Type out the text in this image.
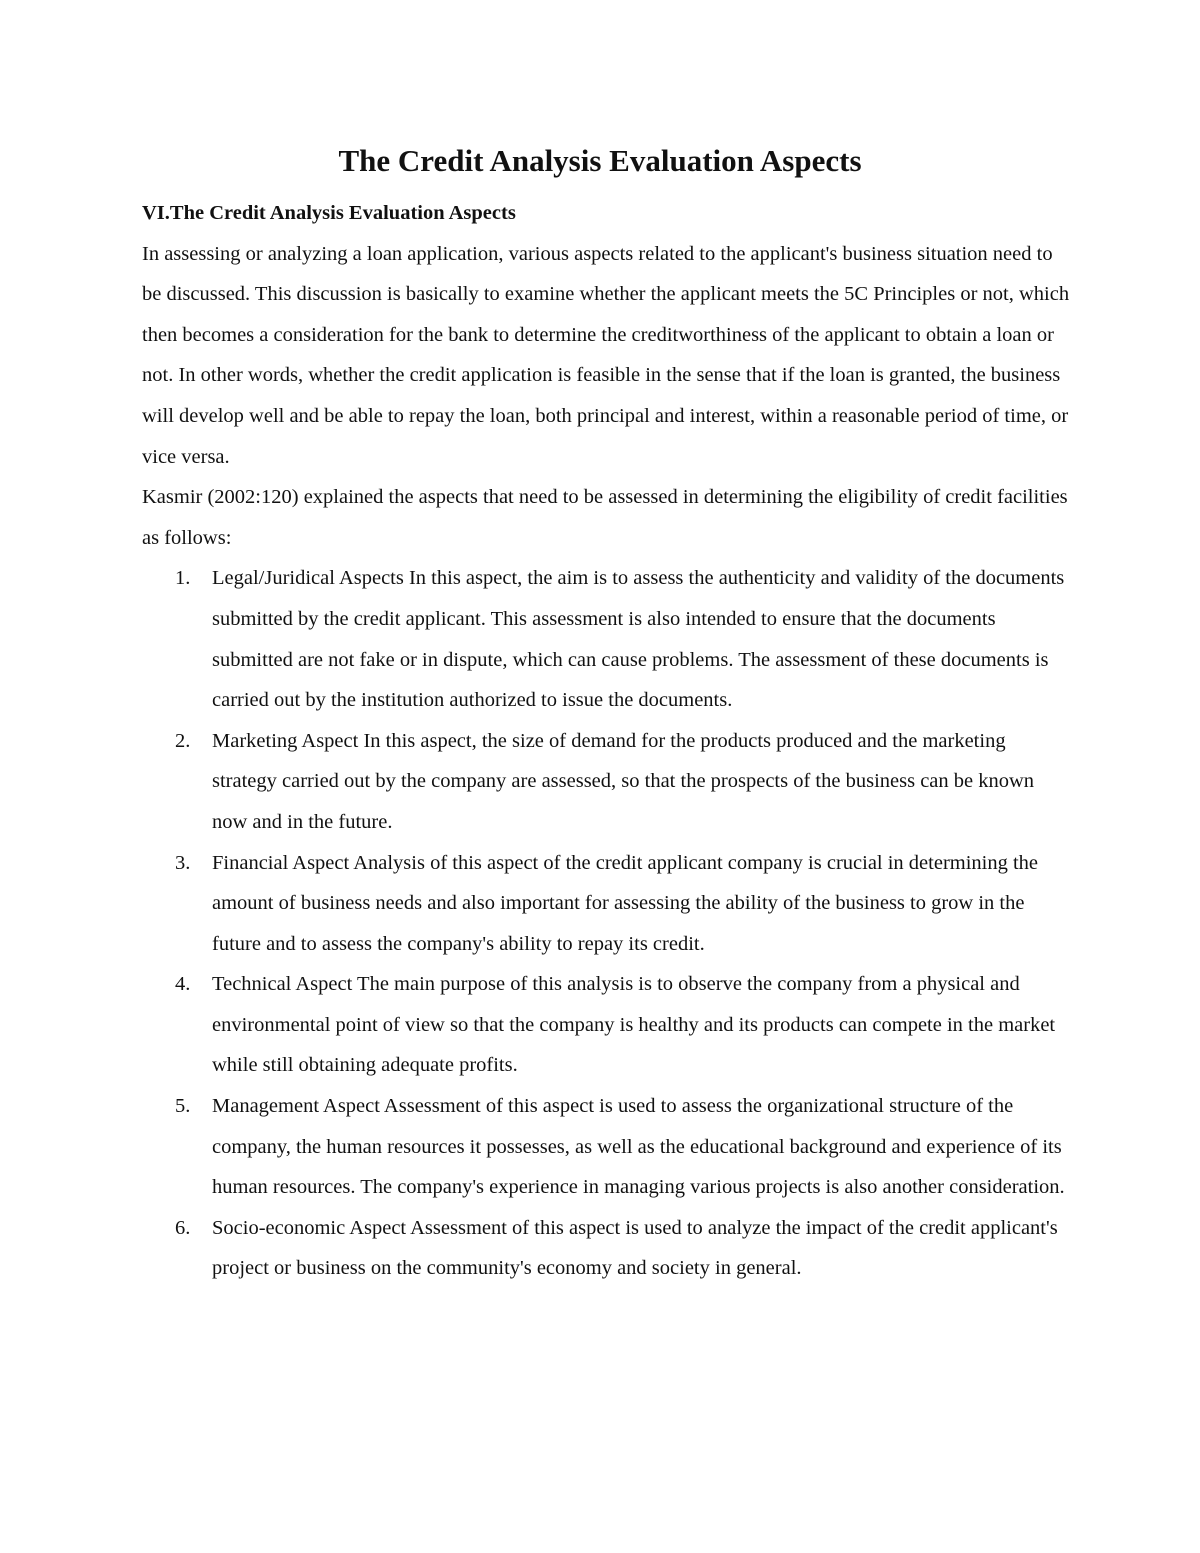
The Credit Analysis Evaluation Aspects

VI.The Credit Analysis Evaluation Aspects

In assessing or analyzing a loan application, various aspects related to the applicant's business situation need to be discussed. This discussion is basically to examine whether the applicant meets the 5C Principles or not, which then becomes a consideration for the bank to determine the creditworthiness of the applicant to obtain a loan or not. In other words, whether the credit application is feasible in the sense that if the loan is granted, the business will develop well and be able to repay the loan, both principal and interest, within a reasonable period of time, or vice versa.

Kasmir (2002:120) explained the aspects that need to be assessed in determining the eligibility of credit facilities as follows:

1. Legal/Juridical Aspects In this aspect, the aim is to assess the authenticity and validity of the documents submitted by the credit applicant. This assessment is also intended to ensure that the documents submitted are not fake or in dispute, which can cause problems. The assessment of these documents is carried out by the institution authorized to issue the documents.
2. Marketing Aspect In this aspect, the size of demand for the products produced and the marketing strategy carried out by the company are assessed, so that the prospects of the business can be known now and in the future.
3. Financial Aspect Analysis of this aspect of the credit applicant company is crucial in determining the amount of business needs and also important for assessing the ability of the business to grow in the future and to assess the company's ability to repay its credit.
4. Technical Aspect The main purpose of this analysis is to observe the company from a physical and environmental point of view so that the company is healthy and its products can compete in the market while still obtaining adequate profits.
5. Management Aspect Assessment of this aspect is used to assess the organizational structure of the company, the human resources it possesses, as well as the educational background and experience of its human resources. The company's experience in managing various projects is also another consideration.
6. Socio-economic Aspect Assessment of this aspect is used to analyze the impact of the credit applicant's project or business on the community's economy and society in general.
